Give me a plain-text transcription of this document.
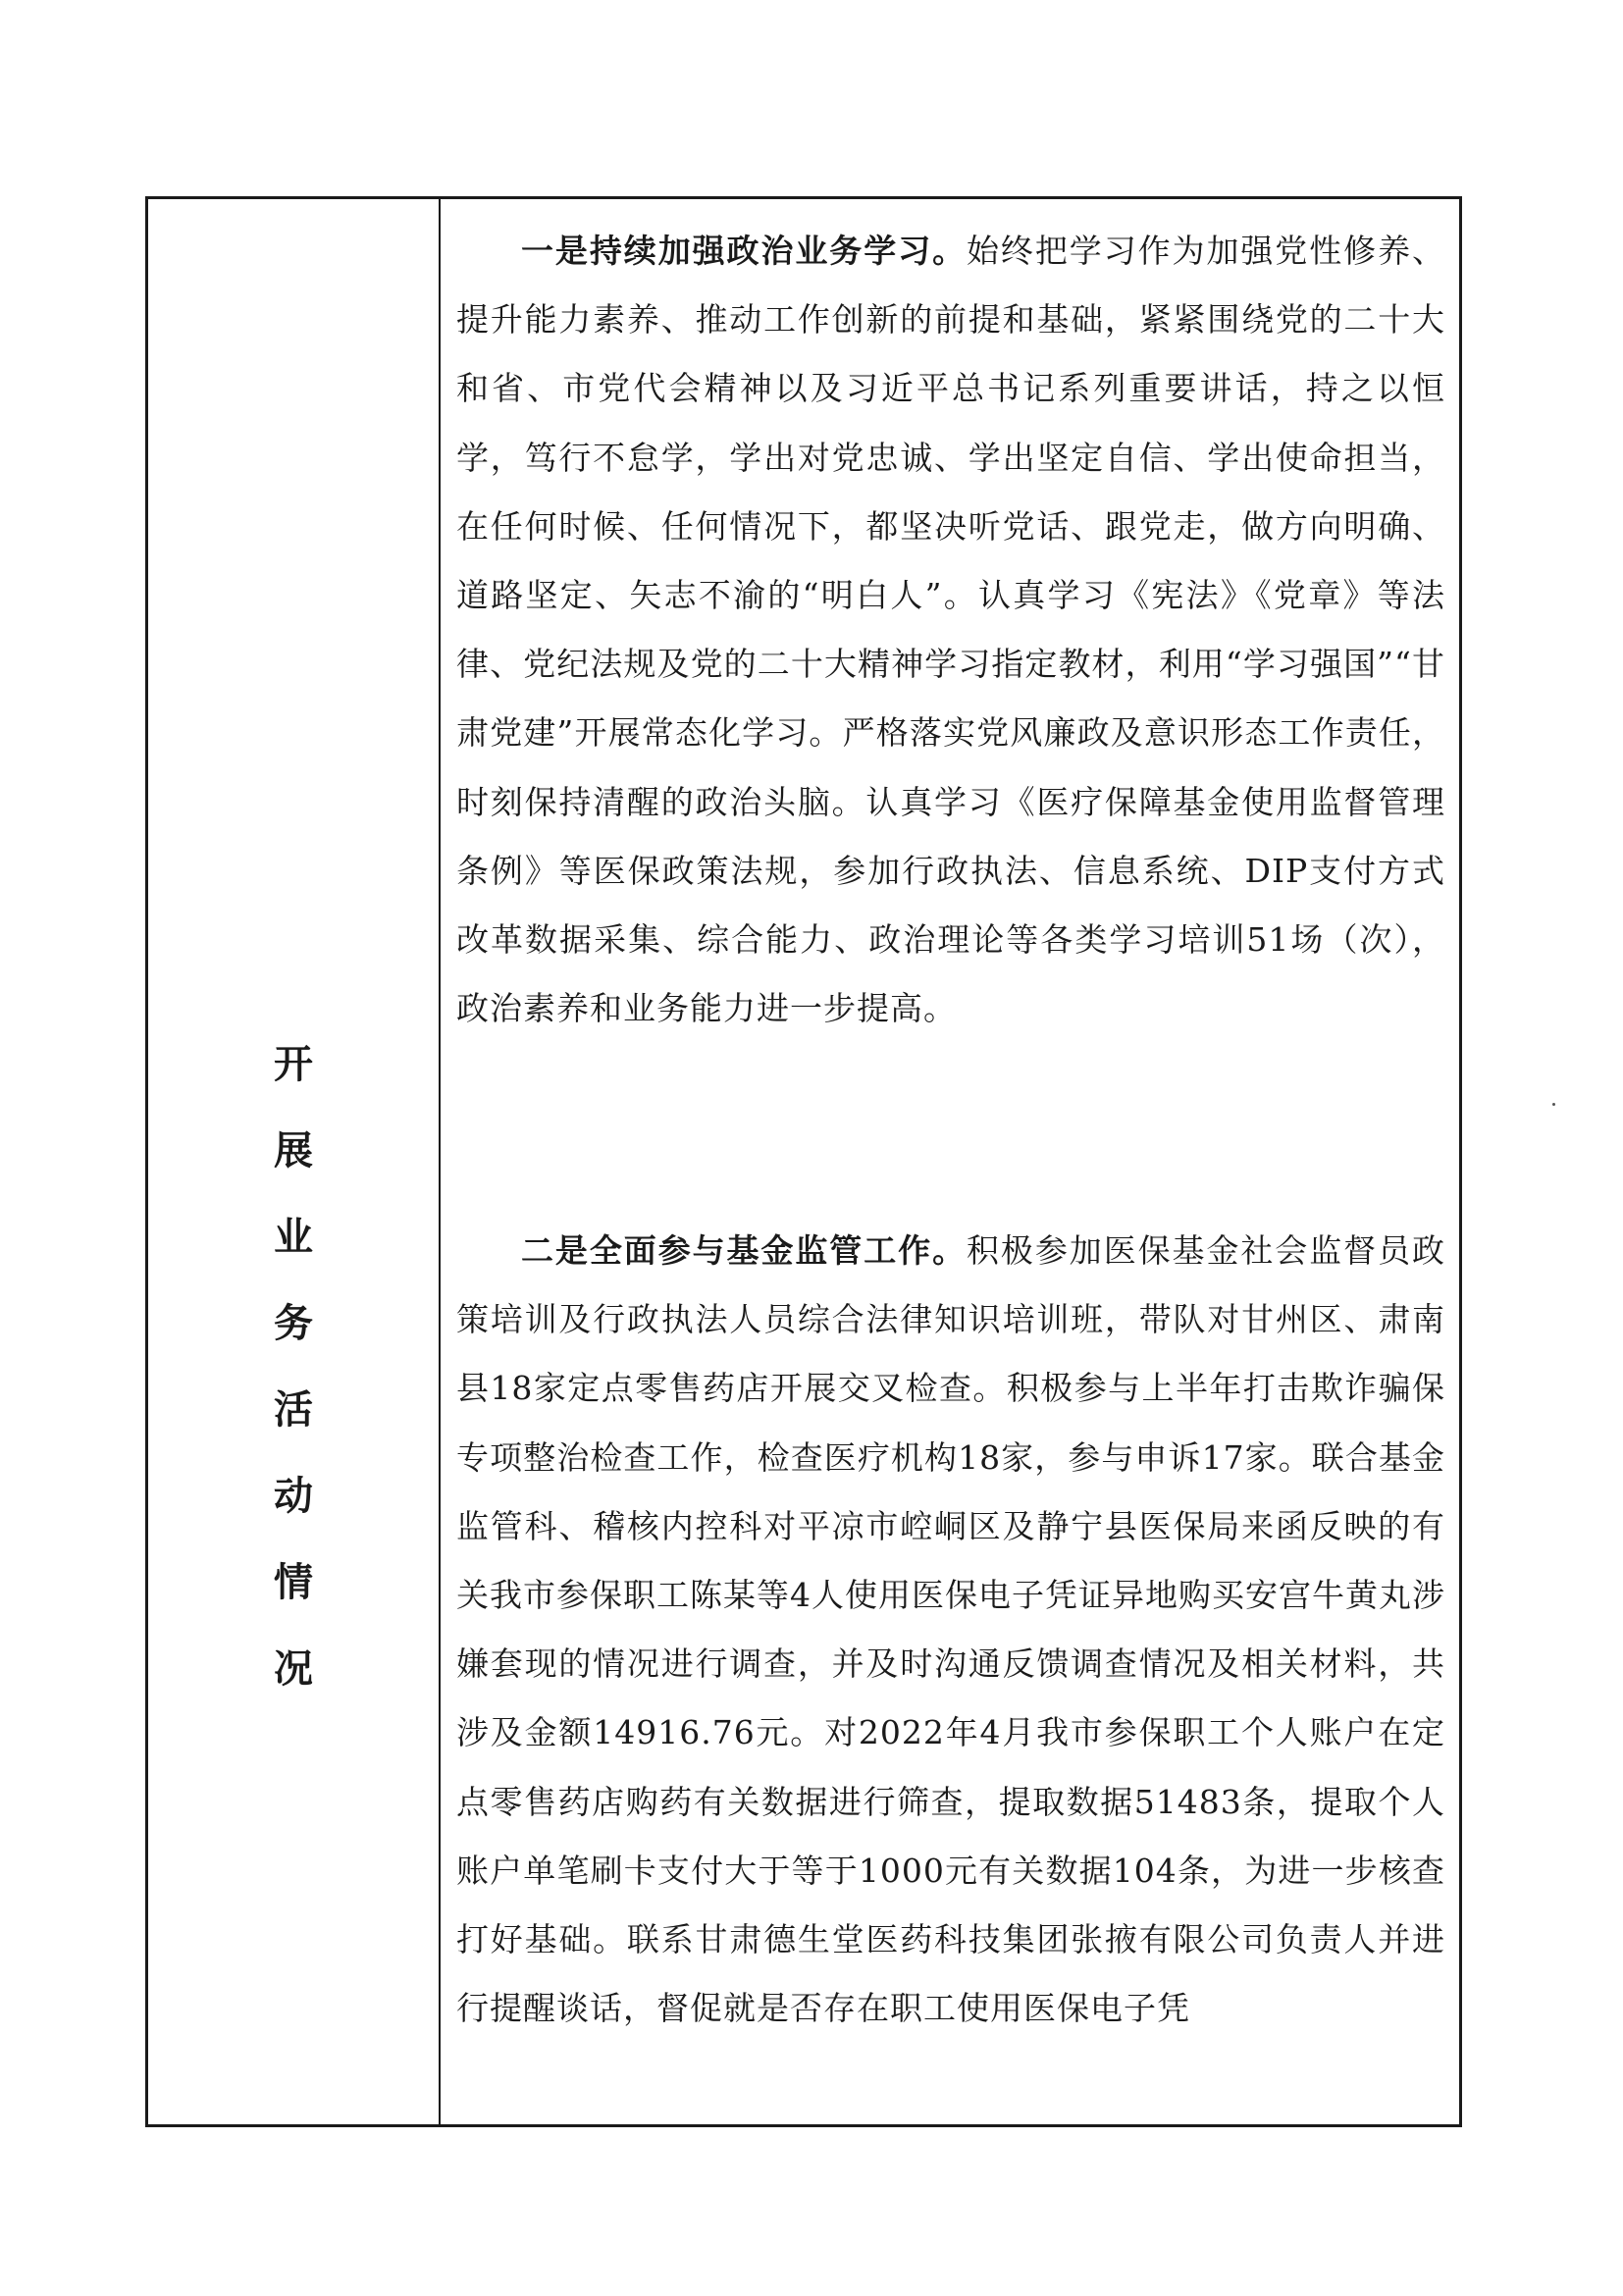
开
展
业
务
活
动
情
况

一是持续加强政治业务学习。始终把学习作为加强党性修养、提升能力素养、推动工作创新的前提和基础，紧紧围绕党的二十大和省、市党代会精神以及习近平总书记系列重要讲话，持之以恒学，笃行不怠学，学出对党忠诚、学出坚定自信、学出使命担当，在任何时候、任何情况下，都坚决听党话、跟党走，做方向明确、道路坚定、矢志不渝的“明白人”。认真学习《宪法》《党章》等法律、党纪法规及党的二十大精神学习指定教材，利用“学习强国”“甘肃党建”开展常态化学习。严格落实党风廉政及意识形态工作责任，时刻保持清醒的政治头脑。认真学习《医疗保障基金使用监督管理条例》等医保政策法规，参加行政执法、信息系统、DIP支付方式改革数据采集、综合能力、政治理论等各类学习培训51场（次），政治素养和业务能力进一步提高。

二是全面参与基金监管工作。积极参加医保基金社会监督员政策培训及行政执法人员综合法律知识培训班，带队对甘州区、肃南县18家定点零售药店开展交叉检查。积极参与上半年打击欺诈骗保专项整治检查工作，检查医疗机构18家，参与申诉17家。联合基金监管科、稽核内控科对平凉市崆峒区及静宁县医保局来函反映的有关我市参保职工陈某等4人使用医保电子凭证异地购买安宫牛黄丸涉嫌套现的情况进行调查，并及时沟通反馈调查情况及相关材料，共涉及金额14916.76元。对2022年4月我市参保职工个人账户在定点零售药店购药有关数据进行筛查，提取数据51483条，提取个人账户单笔刷卡支付大于等于1000元有关数据104条，为进一步核查打好基础。联系甘肃德生堂医药科技集团张掖有限公司负责人并进行提醒谈话，督促就是否存在职工使用医保电子凭
